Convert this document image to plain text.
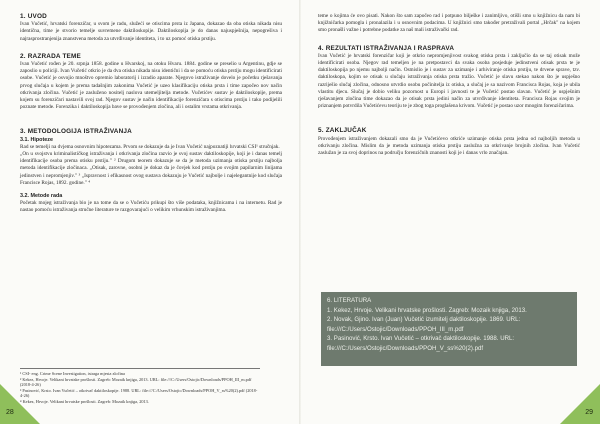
1. UVOD

Ivan Vučetić, hrvatski forenzičar, u svom je radu, služeći se otiscima prsta iz Japana, dokazao da oba otiska nikada nisu identična, time je stvorio temelje suvremene daktiloskopije. Daktiloskopija je do danas najuspješnija, nepogrešiva i najrasprostranjenija znanstvena metoda za utvrđivanje identiteta, i to uz pomoć otiska prstiju.

2. RAZRADA TEME

Ivan Vučetić rođen je 20. srpnja 1858. godine u Hvarskoj, na otoku Hvaru. 1884. godine se preselio u Argentinu, gdje se zaposlio u policiji. Ivan Vučetić otkrio je da dva otiska nikada nisu identični i da se pomoću otiska prstiju mogu identificirati osobe. Vučetić je osvojio mnoštvo opremio laboratorij i izradio aparate. Njegovo istraživanje dovelo je početku rješavanja prvog slučaja u kojem je prema tadašnjim zakonima Vučetić je uzeo klasifikaciju otiska prsta i time započeo nov način otkrivanja zločina. Vučetić je zasluženo nositelj naslova utemeljitelja metode. Vučetićev sustav je daktiloskopije, prema kojem su forenzičari nastavili svoj rad. Njegov sustav je način identifikacije forenzičara s otiscima prstiju i tako podijelili poznate metode. Forenzika i daktiloskopija bave se provođenjem zločina, ali i ostalim vrstama otkrivanja.

3. METODOLOGIJA ISTRAŽIVANJA
3.1. Hipoteze

Rad se temelji na dvjema osnovnim hipotezama. Prvom se dokazuje da je Ivan Vučetić najpoznatiji hrvatski CSI¹ stručnjak.

„On u svojstvu kriminalističkog istraživanja i otkrivanja zločina razvio je svoj sustav daktiloskopije, koji je i danas temelj identifikacije osoba prema otisku prstiju." ² Drugom teorem dokazuje se da je metoda uzimanja otiska prstiju najbolja metoda identifikacije zločinaca. „Otisak, zarovne, osobni je dokaz da je čovjek kod prstiju po svojim papilarnim linijama jedinstven i nepromjenjiv." ³ „Ispravnost i efikasnost ovog sustava dokazuju je Vučetić najbolje i najelegantnije kod slučaja Francisce Rojas, 1892. godine." ⁴

3.2. Metode rada

Početak mojeg istraživanja bio je na tome da se o Vučetiću prikupi što više podataka, knjižnicama i na internetu. Rad je nastao pomoću istraživanja stručne literature te razgovarajući o velikim vrhunskim istraživanjima.

¹ CSI- eng. Crime Scene Investigation, istraga mjesta zločina
² Kekez, Hrvoje. Velikani hrvatske prošlosti. Zagreb: Mozaik knjiga, 2013. URL: file:///C:/Users/Ostojic/Downloads/PPOH_III_m.pdf (2018-4-26)
³ Pasinović, Krsto. Ivan Vučetić – otkrivač daktiloskopije. 1988. URL: file:///C:/Users/Ostojic/Downloads/PPOH_V_ss%20(2).pdf (2018-4-26)
⁴ Kekez, Hrvoje. Velikani hrvatske prošlosti. Zagreb: Mozaik knjiga, 2013.
28

teme o kojima će ovo pisati. Nakon što sam započeo rad i potpuno bilješke i zanimljivo, otišli smo u knjižnicu da nam bi knjižničarka pomogla i pronalazila i u osnovnim podacima. U knjižnici smo također pretraživali portal „Hrčak" na kojem smo pronašli važne i potrebne podatke za naš mali istraživački rad.

4. REZULTATI ISTRAŽIVANJA I RASPRAVA

Ivan Vučetić je hrvatski forenzičar koji je otkrio nepromjenjivost svakog otiska prsta i zaključio da se taj otisak može identificirati osoba. Njegov rad temeljen je na pretpostavci da svaka osoba posjeduje jedinstveni otisak prsta te je daktiloskopija po njemu najbolji način. Osmislio je i sustav za uzimanje i arhiviranje otiska prstiju, te drvene sprave, tzv. daktiloskopa, kojim se otisak u slučaju istraživanja otiska prsta tražio. Vučetić je slavu stekao nakon što je uspješno razriješio slučaj zločina, odnosno utvrdio osobu počinitelja iz otiska, a slučaj je sa nazivom Francisca Rojas, koja je ubila vlastitu djecu. Slučaj je dobio veliku pozornost u Europi i javnosti te je Vučetić postao slavan. Vučetić je uspješnim rješavanjem zločina time dokazao da je otisak prsta jedini način za utvrđivanje identiteta. Francisca Rojas svojim je priznanjem potvrdila Vučetićevu teoriju te je zbog toga proglašena krivom. Vučetić je postao uzor mnogim forenzičarima.

5. ZAKLJUČAK

Provođenjem istraživanjem dokazali smo da je Vučetićevo otkriće uzimanje otiska prsta jedna od najboljih metoda u otkrivanju zločina. Mislim da je metoda uzimanja otiska prstiju zaslužna za otkrivanje brojnih zločina. Ivan Vučetić zaslužan je za svoj doprinos na području forenzičnih znanosti koji je i danas vrlo značajan.

6. LITERATURA
1. Kekez, Hrvoje. Velikani hrvatske prošlosti. Zagreb: Mozaik knjiga, 2013.
2. Novak, Gjino. Ivan (Juan) Vučetić izumitelj daktiloskopije. 1869. URL: file:///C:/Users/Ostojic/Downloads/PPOH_III_m.pdf
3. Pasinović, Krsto. Ivan Vučetić – otkrivač daktiloskopije. 1988. URL: file:///C:/Users/Ostojic/Downloads/PPOH_V_ss%20(2).pdf
29
